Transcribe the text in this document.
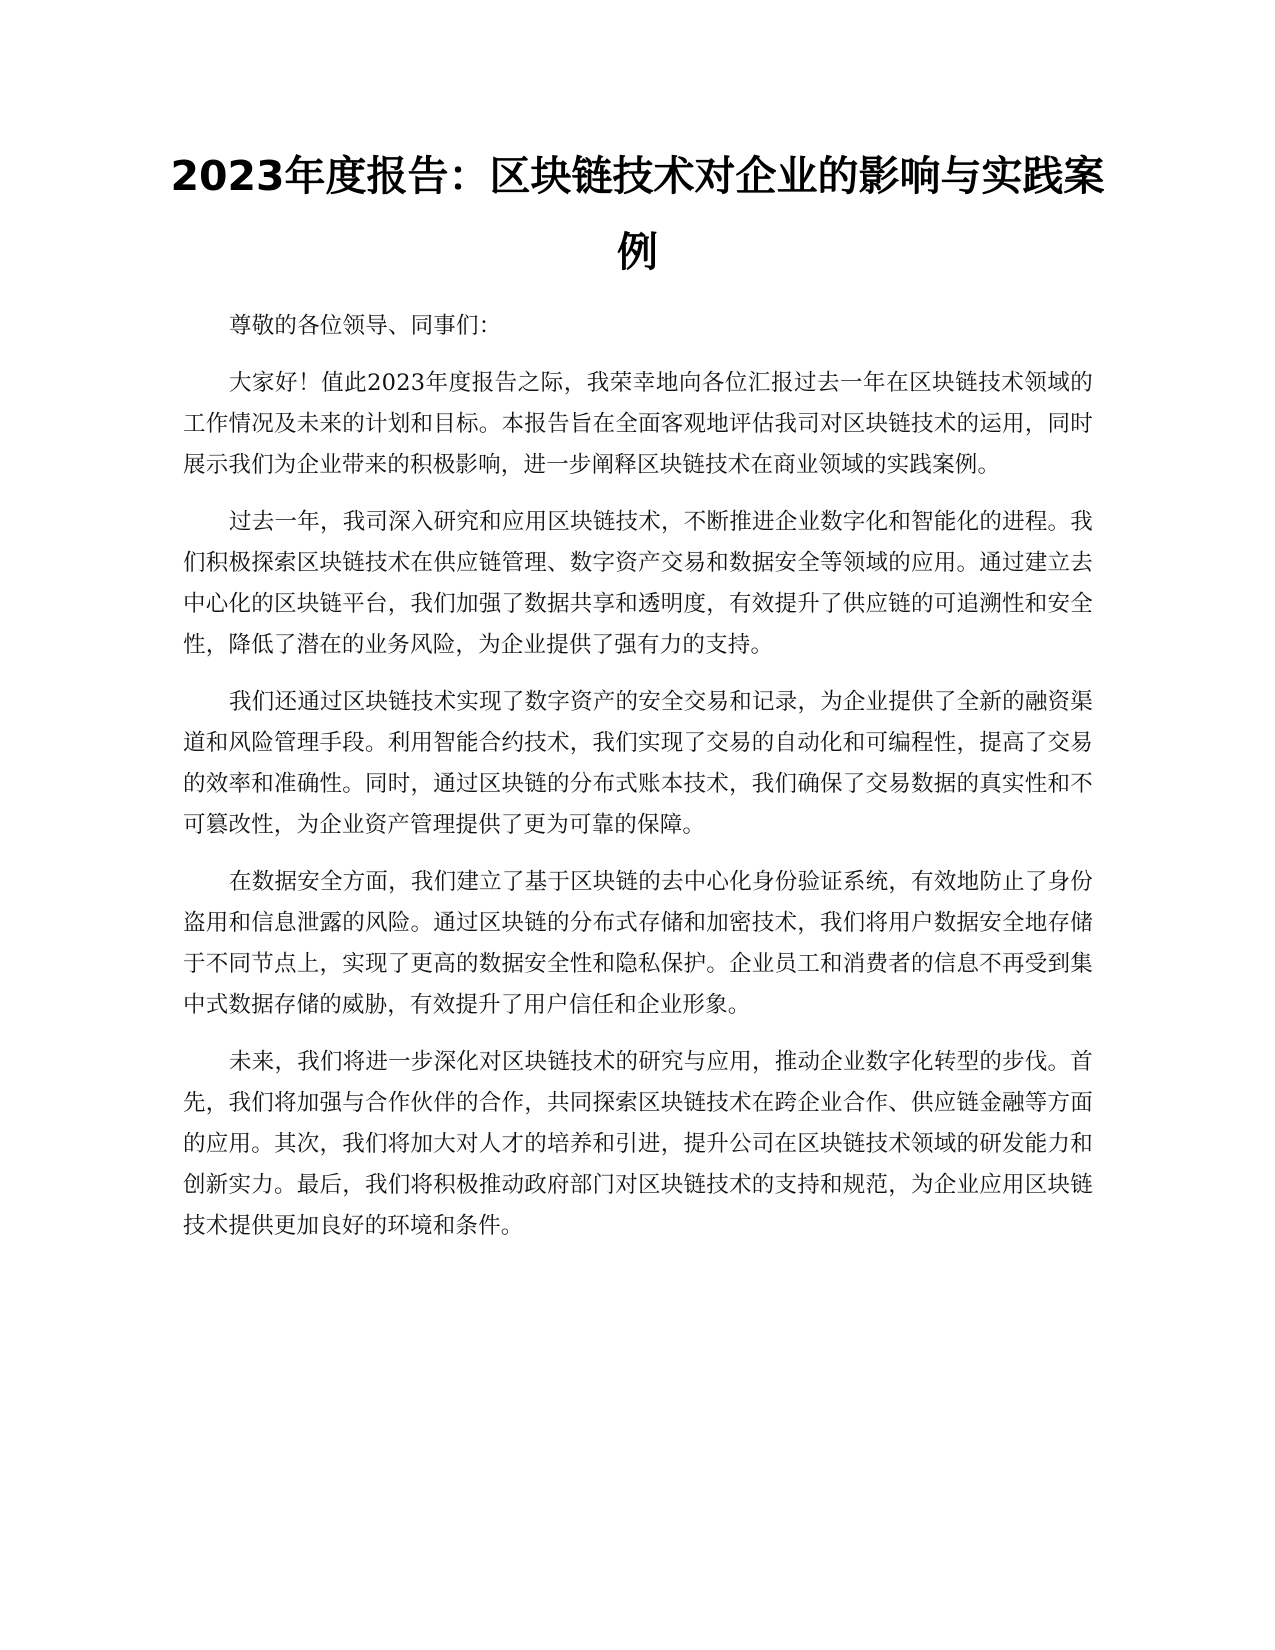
2023年度报告：区块链技术对企业的影响与实践案例

尊敬的各位领导、同事们：

大家好！值此2023年度报告之际，我荣幸地向各位汇报过去一年在区块链技术领域的工作情况及未来的计划和目标。本报告旨在全面客观地评估我司对区块链技术的运用，同时展示我们为企业带来的积极影响，进一步阐释区块链技术在商业领域的实践案例。

过去一年，我司深入研究和应用区块链技术，不断推进企业数字化和智能化的进程。我们积极探索区块链技术在供应链管理、数字资产交易和数据安全等领域的应用。通过建立去中心化的区块链平台，我们加强了数据共享和透明度，有效提升了供应链的可追溯性和安全性，降低了潜在的业务风险，为企业提供了强有力的支持。

我们还通过区块链技术实现了数字资产的安全交易和记录，为企业提供了全新的融资渠道和风险管理手段。利用智能合约技术，我们实现了交易的自动化和可编程性，提高了交易的效率和准确性。同时，通过区块链的分布式账本技术，我们确保了交易数据的真实性和不可篡改性，为企业资产管理提供了更为可靠的保障。

在数据安全方面，我们建立了基于区块链的去中心化身份验证系统，有效地防止了身份盗用和信息泄露的风险。通过区块链的分布式存储和加密技术，我们将用户数据安全地存储于不同节点上，实现了更高的数据安全性和隐私保护。企业员工和消费者的信息不再受到集中式数据存储的威胁，有效提升了用户信任和企业形象。

未来，我们将进一步深化对区块链技术的研究与应用，推动企业数字化转型的步伐。首先，我们将加强与合作伙伴的合作，共同探索区块链技术在跨企业合作、供应链金融等方面的应用。其次，我们将加大对人才的培养和引进，提升公司在区块链技术领域的研发能力和创新实力。最后，我们将积极推动政府部门对区块链技术的支持和规范，为企业应用区块链技术提供更加良好的环境和条件。
